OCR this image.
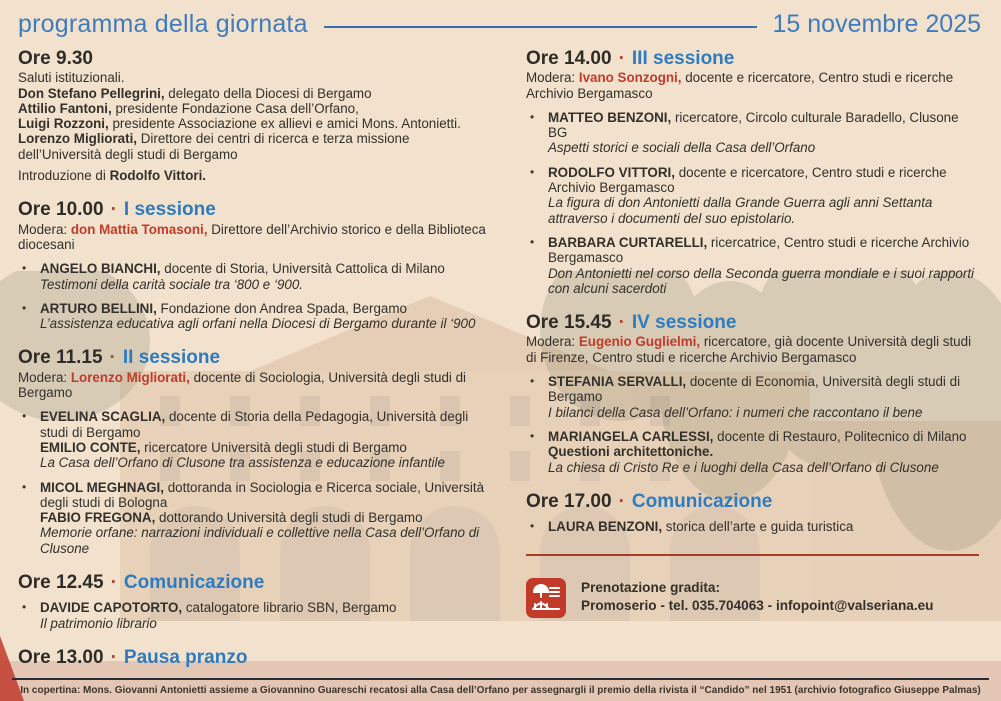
programma della giornata	15 novembre 2025
Ore 9.30
Saluti istituzionali.
Don Stefano Pellegrini, delegato della Diocesi di Bergamo
Attilio Fantoni, presidente Fondazione Casa dell’Orfano,
Luigi Rozzoni, presidente Associazione ex allievi e amici Mons. Antonietti.
Lorenzo Migliorati, Direttore dei centri di ricerca e terza missione dell’Università degli studi di Bergamo
Introduzione di Rodolfo Vittori.
Ore 10.00 · I sessione
Modera: don Mattia Tomasoni, Direttore dell’Archivio storico e della Biblioteca diocesani
• ANGELO BIANCHI, docente di Storia, Università Cattolica di Milano
Testimoni della carità sociale tra ‘800 e ‘900.
• ARTURO BELLINI, Fondazione don Andrea Spada, Bergamo
L’assistenza educativa agli orfani nella Diocesi di Bergamo durante il ‘900
Ore 11.15 · II sessione
Modera: Lorenzo Migliorati, docente di Sociologia, Università degli studi di Bergamo
• EVELINA SCAGLIA, docente di Storia della Pedagogia, Università degli studi di Bergamo
EMILIO CONTE, ricercatore Università degli studi di Bergamo
La Casa dell’Orfano di Clusone tra assistenza e educazione infantile
• MICOL MEGHNAGI, dottoranda in Sociologia e Ricerca sociale, Università degli studi di Bologna
FABIO FREGONA, dottorando Università degli studi di Bergamo
Memorie orfane: narrazioni individuali e collettive nella Casa dell’Orfano di Clusone
Ore 12.45 · Comunicazione
• DAVIDE CAPOTORTO, catalogatore librario SBN, Bergamo
Il patrimonio librario
Ore 13.00 · Pausa pranzo
Ore 14.00 · III sessione
Modera: Ivano Sonzogni, docente e ricercatore, Centro studi e ricerche Archivio Bergamasco
• MATTEO BENZONI, ricercatore, Circolo culturale Baradello, Clusone BG
Aspetti storici e sociali della Casa dell’Orfano
• RODOLFO VITTORI, docente e ricercatore, Centro studi e ricerche Archivio Bergamasco
La figura di don Antonietti dalla Grande Guerra agli anni Settanta attraverso i documenti del suo epistolario.
• BARBARA CURTARELLI, ricercatrice, Centro studi e ricerche Archivio Bergamasco
Don Antonietti nel corso della Seconda guerra mondiale e i suoi rapporti con alcuni sacerdoti
Ore 15.45 · IV sessione
Modera: Eugenio Guglielmi, ricercatore, già docente Università degli studi di Firenze, Centro studi e ricerche Archivio Bergamasco
• STEFANIA SERVALLI, docente di Economia, Università degli studi di Bergamo
I bilanci della Casa dell’Orfano: i numeri che raccontano il bene
• MARIANGELA CARLESSI, docente di Restauro, Politecnico di Milano
Questioni architettoniche.
La chiesa di Cristo Re e i luoghi della Casa dell’Orfano di Clusone
Ore 17.00 · Comunicazione
• LAURA BENZONI, storica dell’arte e guida turistica
Prenotazione gradita:
Promoserio - tel. 035.704063 - infopoint@valseriana.eu
In copertina: Mons. Giovanni Antonietti assieme a Giovannino Guareschi recatosi alla Casa dell’Orfano per assegnargli il premio della rivista il “Candido” nel 1951 (archivio fotografico Giuseppe Palmas)
